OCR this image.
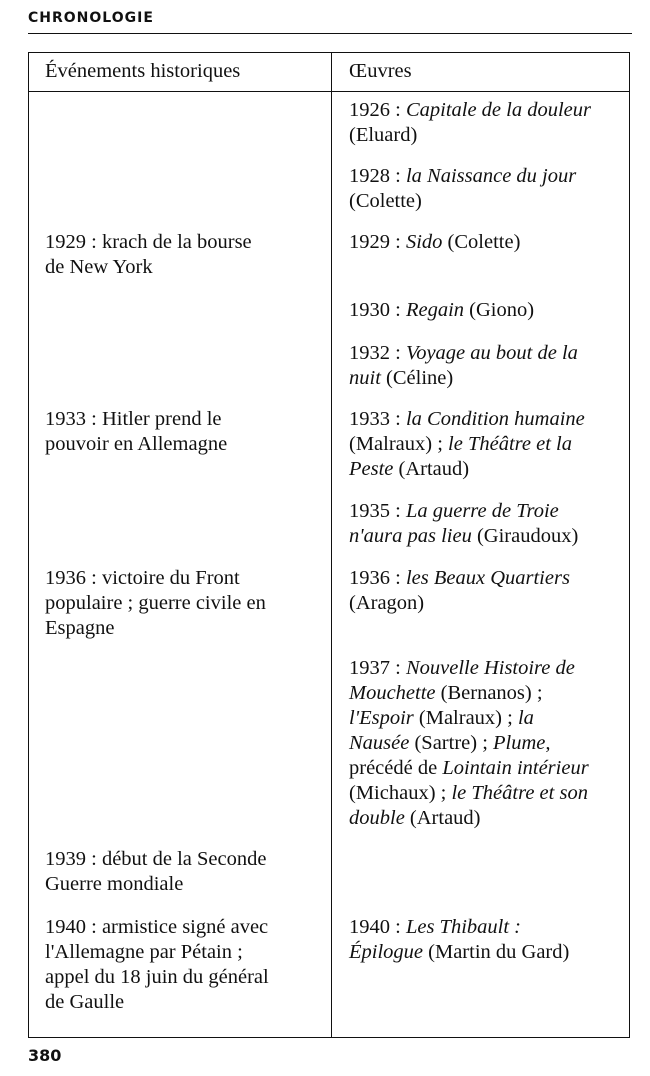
CHRONOLOGIE
Événements historiques	Œuvres
1929 : krach de la bourse
de New York
1933 : Hitler prend le
pouvoir en Allemagne
1936 : victoire du Front
populaire ; guerre civile en
Espagne
1939 : début de la Seconde
Guerre mondiale
1940 : armistice signé avec
l'Allemagne par Pétain ;
appel du 18 juin du général
de Gaulle
1926 : Capitale de la douleur
(Eluard)
1928 : la Naissance du jour
(Colette)
1929 : Sido (Colette)
1930 : Regain (Giono)
1932 : Voyage au bout de la
nuit (Céline)
1933 : la Condition humaine
(Malraux) ; le Théâtre et la
Peste (Artaud)
1935 : La guerre de Troie
n'aura pas lieu (Giraudoux)
1936 : les Beaux Quartiers
(Aragon)
1937 : Nouvelle Histoire de
Mouchette (Bernanos) ;
l'Espoir (Malraux) ; la
Nausée (Sartre) ; Plume,
précédé de Lointain intérieur
(Michaux) ; le Théâtre et son
double (Artaud)
1940 : Les Thibault :
Épilogue (Martin du Gard)
380
